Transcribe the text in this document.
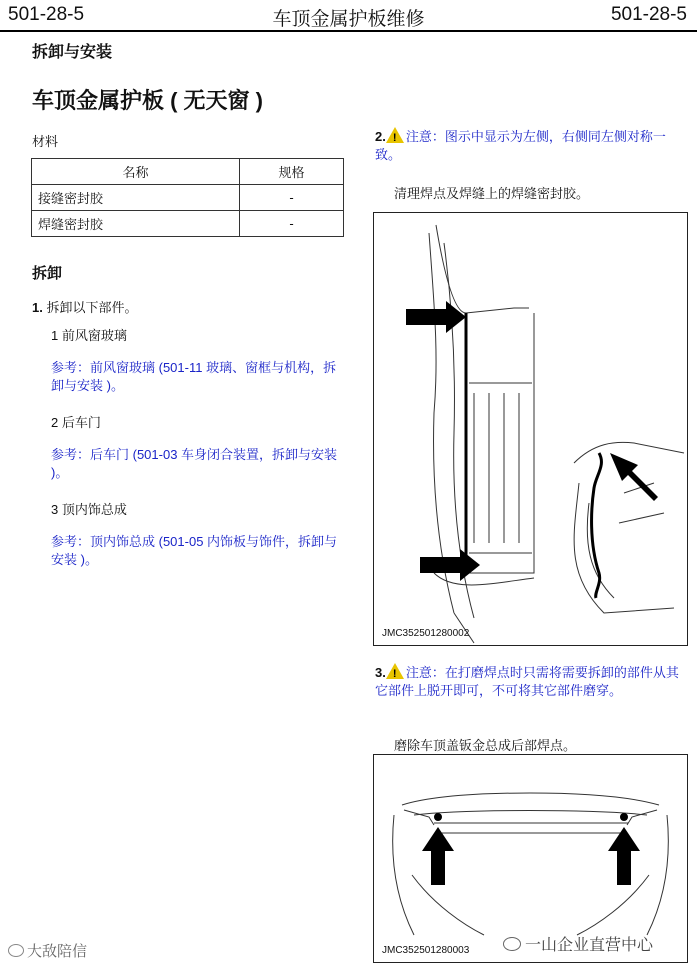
501-28-5	车顶金属护板维修	501-28-5
拆卸与安装
车顶金属护板 ( 无天窗 )
材料
名称	规格
接缝密封胶	-
焊缝密封胶	-
拆卸
1. 拆卸以下部件。
1 前风窗玻璃
参考：前风窗玻璃 (501-11 玻璃、窗框与机构，拆卸与安装 )。
2 后车门
参考：后车门 (501-03 车身闭合装置，拆卸与安装 )。
3 顶内饰总成
参考：顶内饰总成 (501-05 内饰板与饰件，拆卸与安装 )。
2. ! 注意：图示中显示为左侧，右侧同左侧对称一致。
清理焊点及焊缝上的焊缝密封胶。
JMC352501280002
3. ! 注意：在打磨焊点时只需将需要拆卸的部件从其它部件上脱开即可，不可将其它部件磨穿。
磨除车顶盖钣金总成后部焊点。
JMC352501280003
大敌陪信	一山企业直营中心
